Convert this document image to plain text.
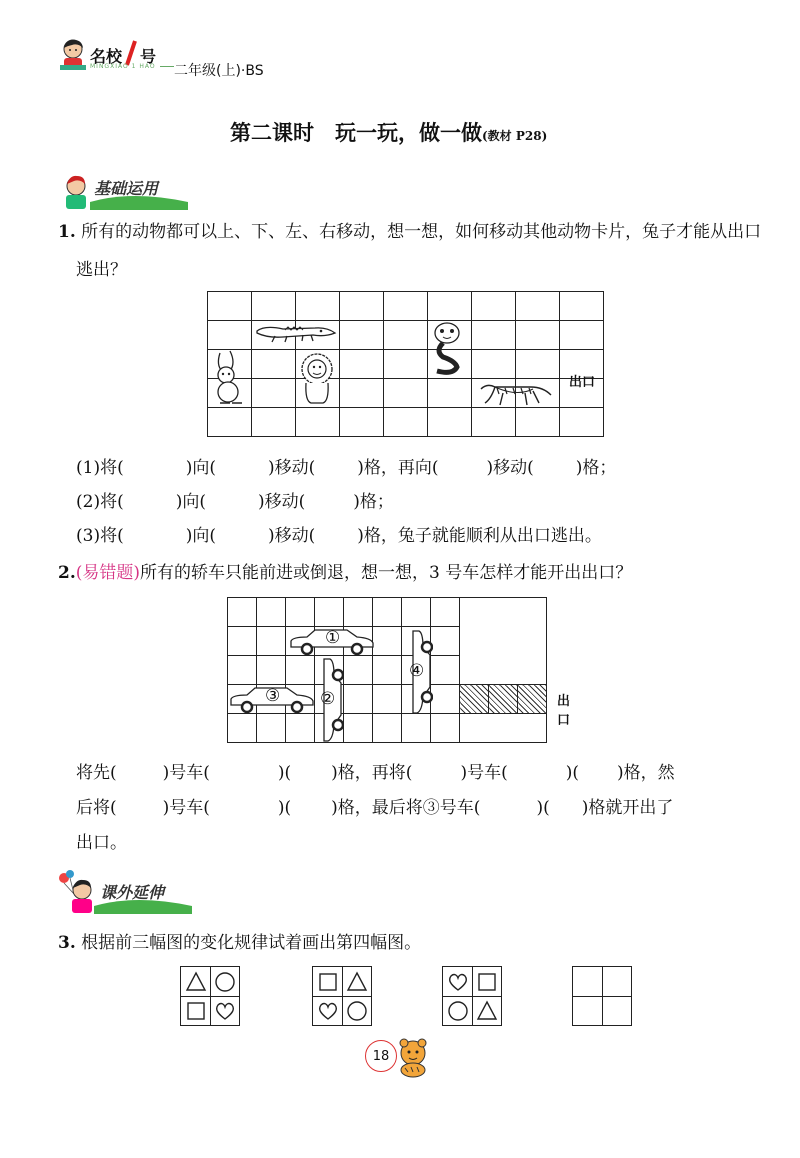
名校 号
MINGXIAO 1 HAO 二年级(上)·BS
第二课时　玩一玩，做一做(教材 P28)
基础运用
1. 所有的动物都可以上、下、左、右移动，想一想，如何移动其他动物卡片，兔子才能从出口
逃出？

出口
(1)将(	)向(	)移动( )格，再向(	)移动( )格；
(2)将(	)向(	)移动(	)格；
(3)将(	)向(	)移动( )格，兔子就能顺利从出口逃出。
2.(易错题)所有的轿车只能前进或倒退，想一想，3 号车怎样才能开出出口？

①
③ ②
④
出口
将先(	)号车(	)( )格，再将(	)号车(	)( )格，然
后将(	)号车(	)( )格，最后将③号车(	)( )格就开出了
出口。
课外延伸
3. 根据前三幅图的变化规律试着画出第四幅图。
18
